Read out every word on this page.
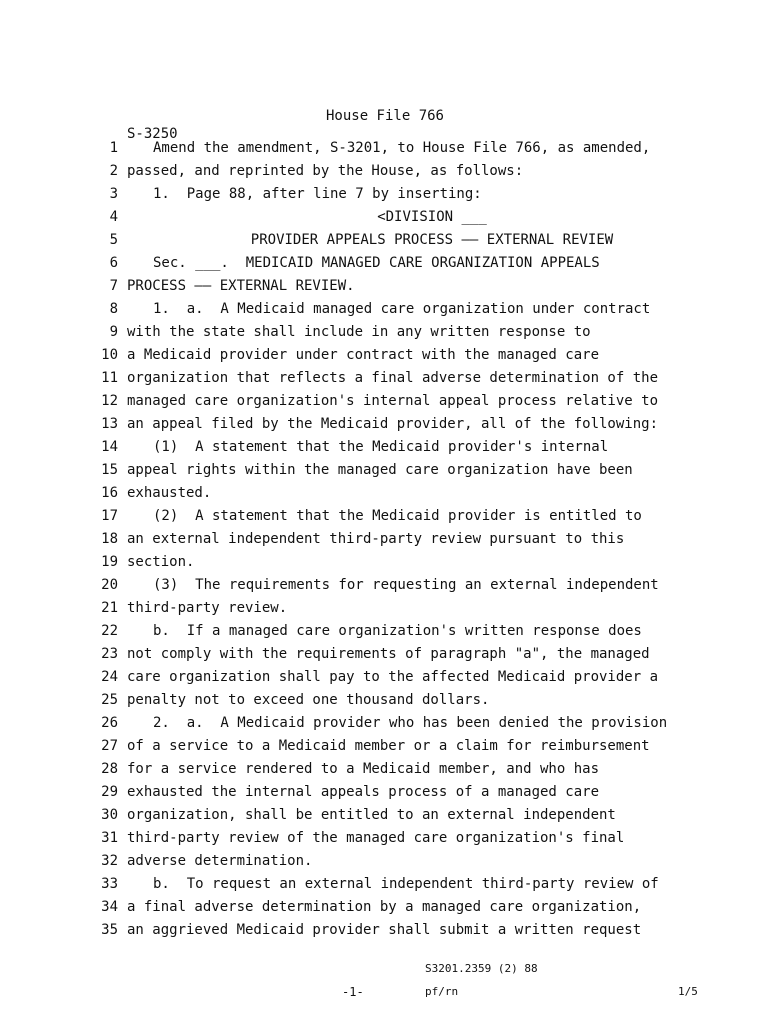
House File 766
S-3250
1	Amend the amendment, S-3201, to House File 766, as amended,
2 passed, and reprinted by the House, as follows:
3	1.  Page 88, after line 7 by inserting:
4	<DIVISION ___
5	PROVIDER APPEALS PROCESS —— EXTERNAL REVIEW
6	Sec. ___.  MEDICAID MANAGED CARE ORGANIZATION APPEALS
7 PROCESS —— EXTERNAL REVIEW.
8	1.  a.  A Medicaid managed care organization under contract
9 with the state shall include in any written response to
10 a Medicaid provider under contract with the managed care
11 organization that reflects a final adverse determination of the
12 managed care organization's internal appeal process relative to
13 an appeal filed by the Medicaid provider, all of the following:
14	(1)  A statement that the Medicaid provider's internal
15 appeal rights within the managed care organization have been
16 exhausted.
17	(2)  A statement that the Medicaid provider is entitled to
18 an external independent third-party review pursuant to this
19 section.
20	(3)  The requirements for requesting an external independent
21 third-party review.
22	b.  If a managed care organization's written response does
23 not comply with the requirements of paragraph "a", the managed
24 care organization shall pay to the affected Medicaid provider a
25 penalty not to exceed one thousand dollars.
26	2.  a.  A Medicaid provider who has been denied the provision
27 of a service to a Medicaid member or a claim for reimbursement
28 for a service rendered to a Medicaid member, and who has
29 exhausted the internal appeals process of a managed care
30 organization, shall be entitled to an external independent
31 third-party review of the managed care organization's final
32 adverse determination.
33	b.  To request an external independent third-party review of
34 a final adverse determination by a managed care organization,
35 an aggrieved Medicaid provider shall submit a written request
S3201.2359 (2) 88
-1-	pf/rn	1/5
